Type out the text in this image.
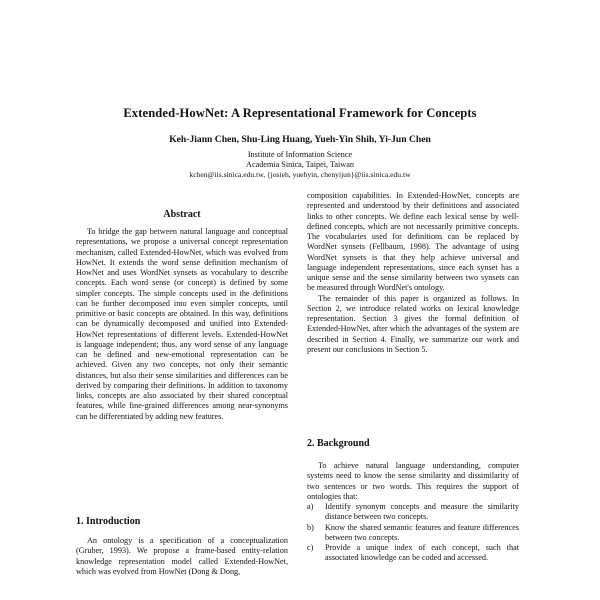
Extended-HowNet: A Representational Framework for Concepts
Keh-Jiann Chen, Shu-Ling Huang, Yueh-Yin Shih, Yi-Jun Chen
Institute of Information Science
Academia Sinica, Taipei, Taiwan
kchen@iis.sinica.edu.tw, {josieh, yuehyin, chenyijun}@iis.sinica.edu.tw
Abstract

To bridge the gap between natural language and conceptual representations, we propose a universal concept representation mechanism, called Extended-HowNet, which was evolved from HowNet. It extends the word sense definition mechanism of HowNet and uses WordNet synsets as vocabulary to describe concepts. Each word sense (or concept) is defined by some simpler concepts. The simple concepts used in the definitions can be further decomposed into even simpler concepts, until primitive or basic concepts are obtained. In this way, definitions can be dynamically decomposed and unified into Extended-HowNet representations of different levels. Extended-HowNet is language independent; thus, any word sense of any language can be defined and new-emotional representation can be achieved. Given any two concepts, not only their semantic distances, but also their sense similarities and differences can be derived by comparing their definitions. In addition to taxonomy links, concepts are also associated by their shared conceptual features, while fine-grained differences among near-synonyms can be differentiated by adding new features.

1. Introduction

An ontology is a specification of a conceptualization (Gruber, 1993). We propose a frame-based entity-relation knowledge representation model called Extended-HowNet, which was evolved from HowNet (Dong & Dong,

composition capabilities. In Extended-HowNet, concepts are represented and understood by their definitions and associated links to other concepts. We define each lexical sense by well-defined concepts, which are not necessarily primitive concepts. The vocabularies used for definitions can be replaced by WordNet synsets (Fellbaum, 1998). The advantage of using WordNet synsets is that they help achieve universal and language independent representations, since each synset has a unique sense and the sense similarity between two synsets can be measured through WordNet's ontology.

The remainder of this paper is organized as follows. In Section 2, we introduce related works on lexical knowledge representation. Section 3 gives the formal definition of Extended-HowNet, after which the advantages of the system are described in Section 4. Finally, we summarize our work and present our conclusions in Section 5.

2. Background

To achieve natural language understanding, computer systems need to know the sense similarity and dissimilarity of two sentences or two words. This requires the support of ontologies that:

a) Identify synonym concepts and measure the similarity distance between two concepts.
b) Know the shared semantic features and feature differences between two concepts.
c) Provide a unique index of each concept, such that associated knowledge can be coded and accessed.
